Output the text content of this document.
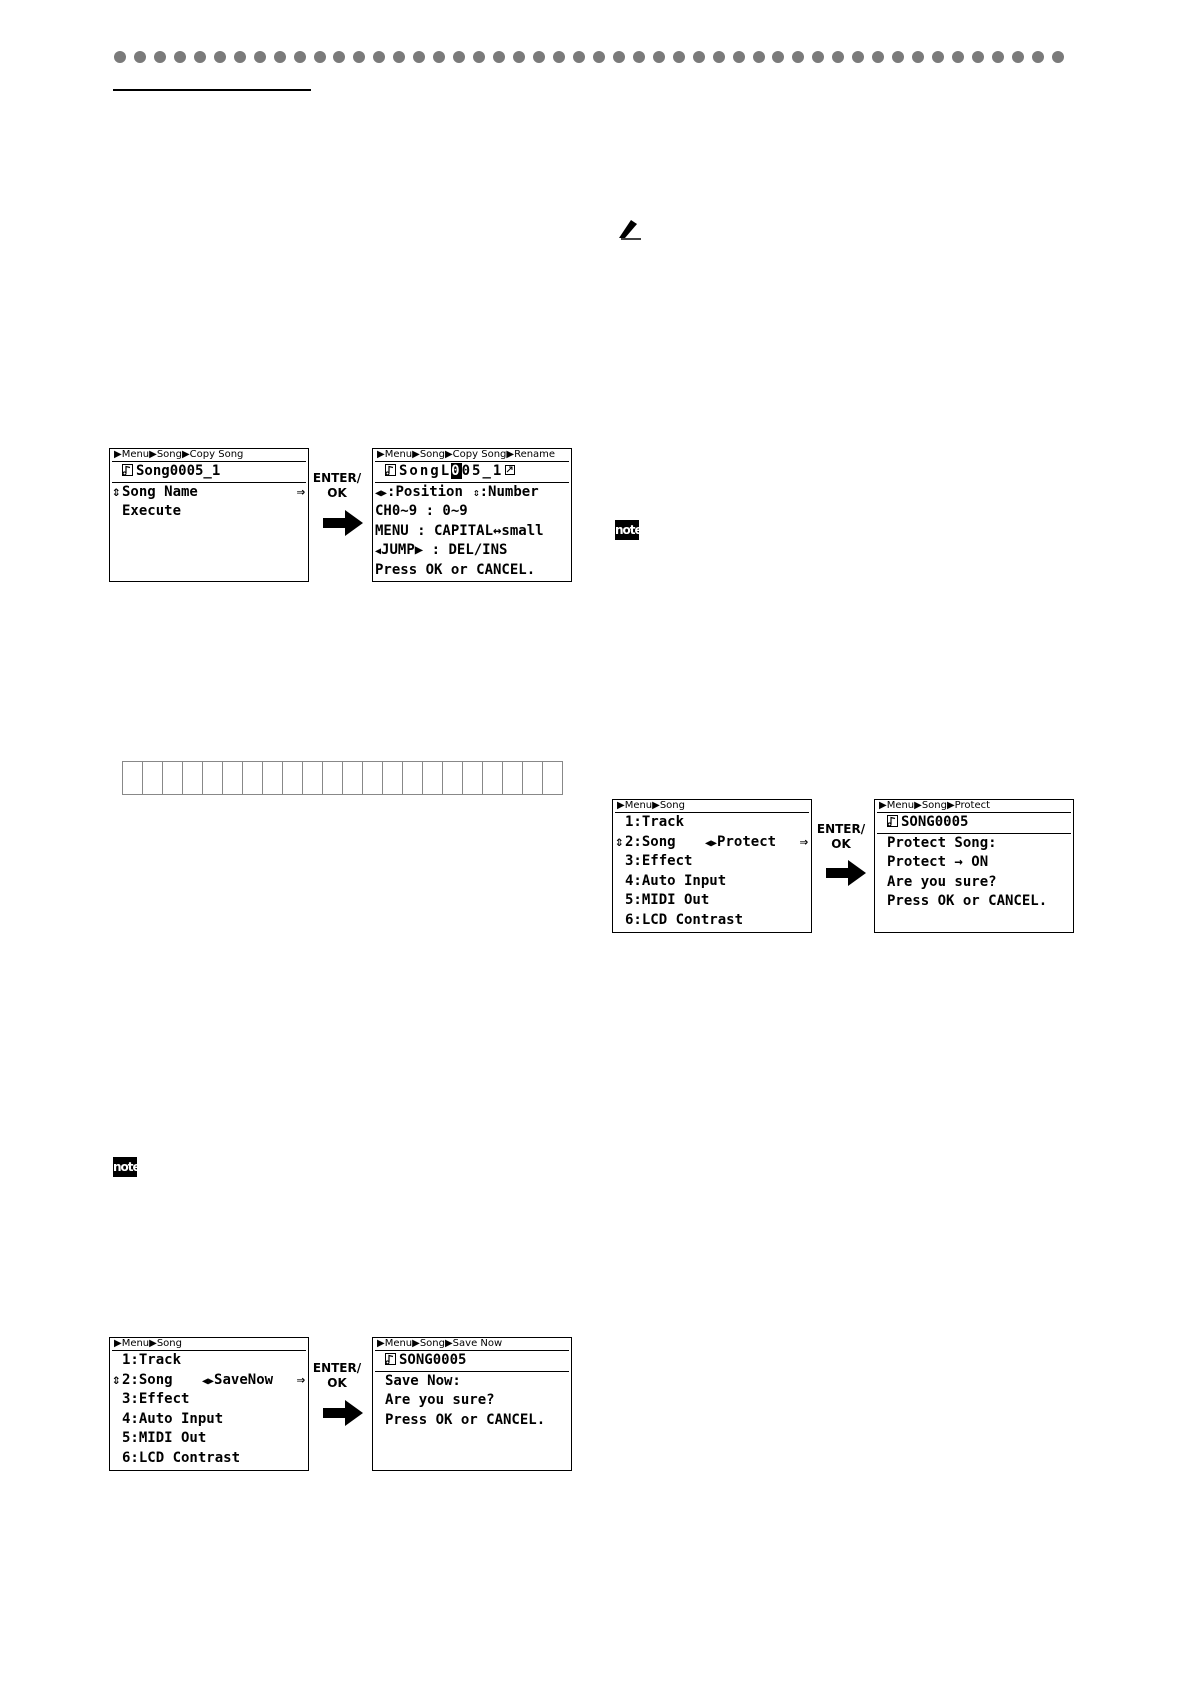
▶Menu▶Song▶Copy Song
Song0005_1
⇕ Song Name	⇒
Execute
ENTER/
OK
▶Menu▶Song▶Copy Song▶Rename
SongL005_1
◀▶:Position ⇕:Number
CH0~9 : 0~9
MENU : CAPITAL↔small
◀JUMP▶ : DEL/INS
Press OK or CANCEL.
note
note
▶Menu▶Song
1:Track
⇕ 2:Song	◀▶SaveNow ⇒
3:Effect
4:Auto Input
5:MIDI Out
6:LCD Contrast
ENTER/
OK
▶Menu▶Song▶Save Now
SONG0005
Save Now:
Are you sure?
Press OK or CANCEL.
▶Menu▶Song
1:Track
⇕ 2:Song	◀▶Protect ⇒
3:Effect
4:Auto Input
5:MIDI Out
6:LCD Contrast
ENTER/
OK
▶Menu▶Song▶Protect
SONG0005
Protect Song:
Protect → ON
Are you sure?
Press OK or CANCEL.
